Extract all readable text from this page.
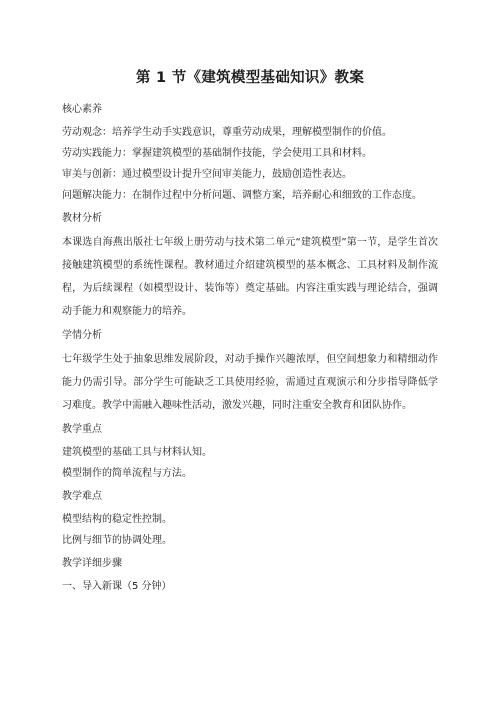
第 1 节《建筑模型基础知识》教案

核心素养

劳动观念：培养学生动手实践意识，尊重劳动成果，理解模型制作的价值。

劳动实践能力：掌握建筑模型的基础制作技能，学会使用工具和材料。

审美与创新：通过模型设计提升空间审美能力，鼓励创造性表达。

问题解决能力：在制作过程中分析问题、调整方案，培养耐心和细致的工作态度。

教材分析

本课选自海燕出版社七年级上册劳动与技术第二单元“建筑模型”第一节，是学生首次接触建筑模型的系统性课程。教材通过介绍建筑模型的基本概念、工具材料及制作流程，为后续课程（如模型设计、装饰等）奠定基础。内容注重实践与理论结合，强调动手能力和观察能力的培养。

学情分析

七年级学生处于抽象思维发展阶段，对动手操作兴趣浓厚，但空间想象力和精细动作能力仍需引导。部分学生可能缺乏工具使用经验，需通过直观演示和分步指导降低学习难度。教学中需融入趣味性活动，激发兴趣，同时注重安全教育和团队协作。

教学重点

建筑模型的基础工具与材料认知。

模型制作的简单流程与方法。

教学难点

模型结构的稳定性控制。

比例与细节的协调处理。

教学详细步骤

一、导入新课（5 分钟）
